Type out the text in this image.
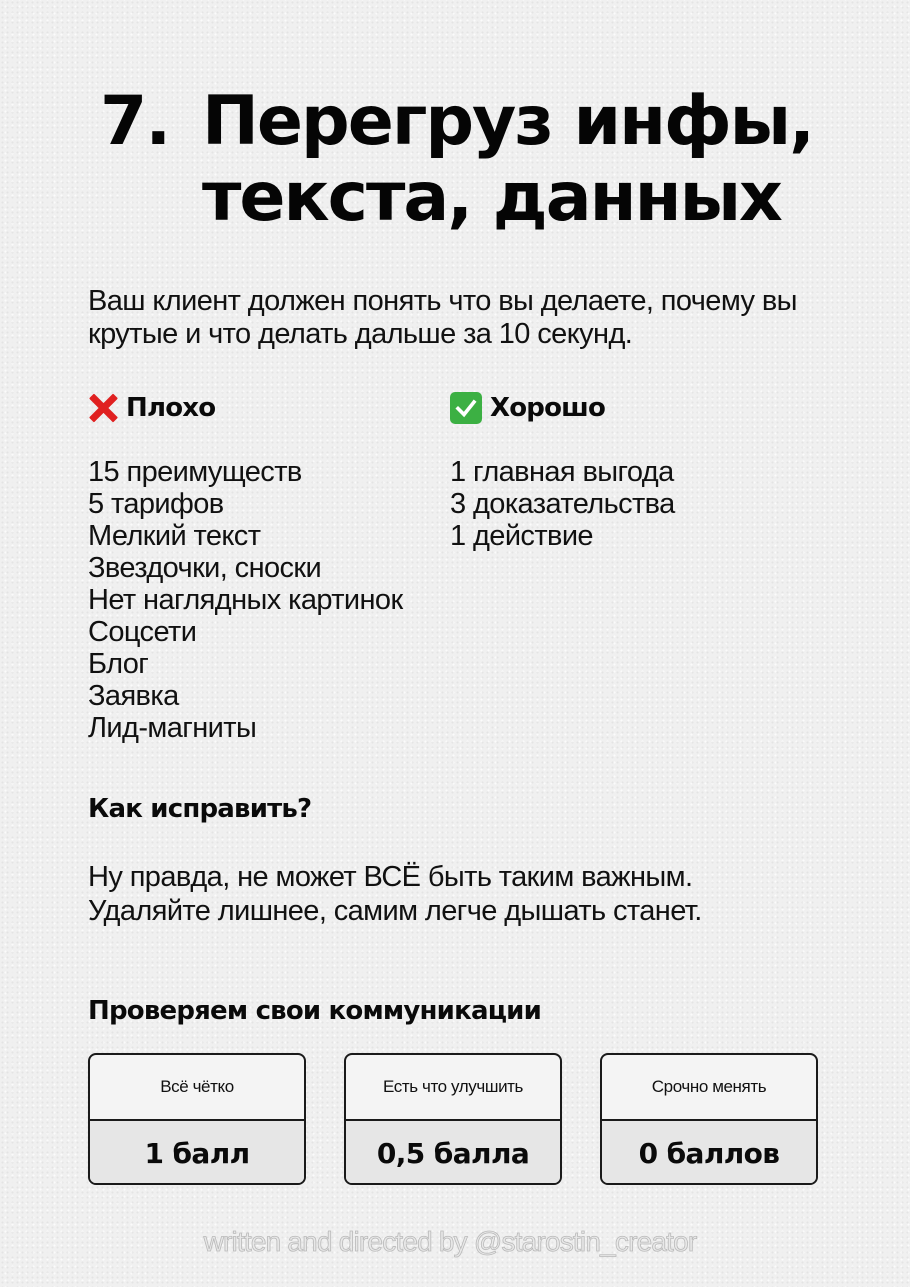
7. Перегруз инфы,
текста, данных

Ваш клиент должен понять что вы делаете, почему вы крутые и что делать дальше за 10 секунд.

Плохо
15 преимуществ
5 тарифов
Мелкий текст
Звездочки, сноски
Нет наглядных картинок
Соцсети
Блог
Заявка
Лид-магниты
Хорошо
1 главная выгода
3 доказательства
1 действие
Как исправить?

Ну правда, не может ВСЁ быть таким важным.
Удаляйте лишнее, самим легче дышать станет.

Проверяем свои коммуникации
Всё чётко
1 балл
Есть что улучшить
0,5 балла
Срочно менять
0 баллов
written and directed by @starostin_creator
